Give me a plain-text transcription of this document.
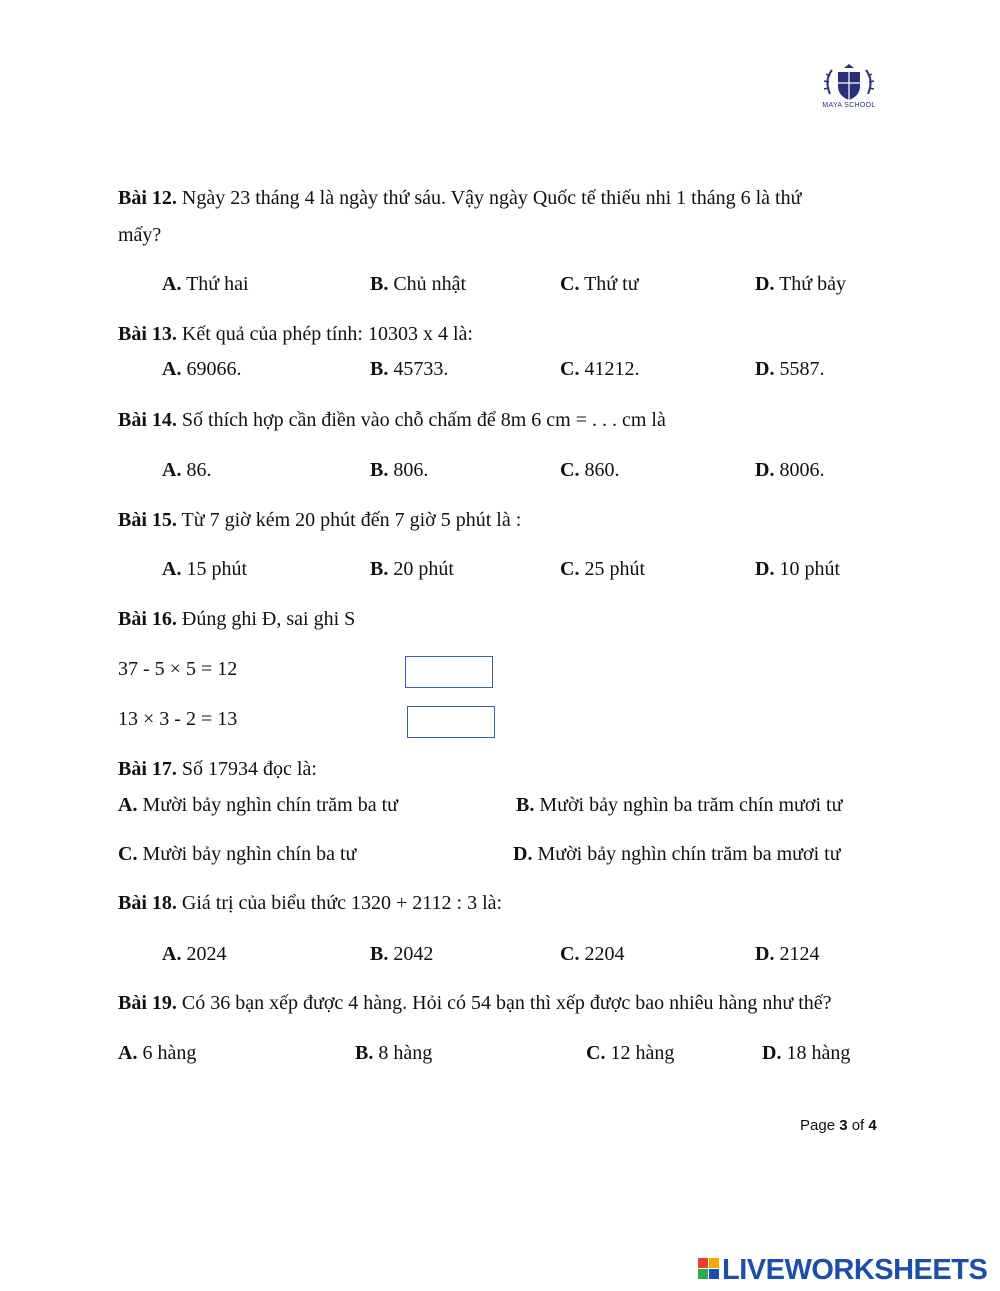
MAYA SCHOOL
Bài 12. Ngày 23 tháng 4 là ngày thứ sáu. Vậy ngày Quốc tế thiếu nhi 1 tháng 6 là thứ
mấy?
A. Thứ hai	B. Chủ nhật	C. Thứ tư	D. Thứ bảy
Bài 13. Kết quả của phép tính: 10303 x 4 là:
A. 69066.	B. 45733.	C. 41212.	D. 5587.
Bài 14. Số thích hợp cần điền vào chỗ chấm để 8m 6 cm = . . . cm là
A. 86.	B. 806.	C. 860.	D. 8006.
Bài 15. Từ 7 giờ kém 20 phút đến 7 giờ 5 phút là :
A. 15 phút	B. 20 phút	C. 25 phút	D. 10 phút
Bài 16. Đúng ghi Đ, sai ghi S
37 - 5 × 5 = 12
13 × 3 - 2 = 13
Bài 17. Số 17934 đọc là:
A. Mười bảy nghìn chín trăm ba tư	B. Mười bảy nghìn ba trăm chín mươi tư
C. Mười bảy nghìn chín ba tư	D. Mười bảy nghìn chín trăm ba mươi tư
Bài 18. Giá trị của biểu thức 1320 + 2112 : 3 là:
A. 2024	B. 2042	C. 2204	D. 2124
Bài 19. Có 36 bạn xếp được 4 hàng. Hỏi có 54 bạn thì xếp được bao nhiêu hàng như thế?
A. 6 hàng	B. 8 hàng	C. 12 hàng	D. 18 hàng
Page 3 of 4
LIVEWORKSHEETS
